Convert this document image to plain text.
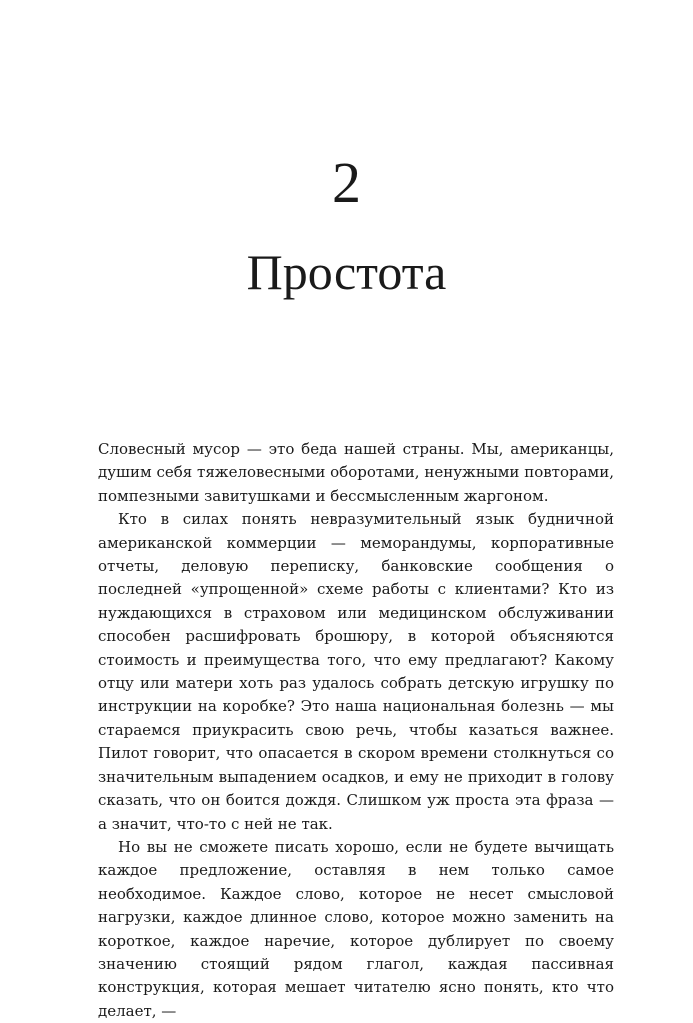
2
Простота

Словесный мусор — это беда нашей страны. Мы, американцы, душим себя тяжеловесными оборотами, ненужными повторами, помпезными завитушками и бессмысленным жаргоном.

Кто в силах понять невразумительный язык будничной американской коммерции — меморандумы, корпоративные отчеты, деловую переписку, банковские сообщения о последней «упрощенной» схеме работы с клиентами? Кто из нуждающихся в страховом или медицинском обслуживании способен расшифровать брошюру, в которой объясняются стоимость и преимущества того, что ему предлагают? Какому отцу или матери хоть раз удалось собрать детскую игрушку по инструкции на коробке? Это наша национальная болезнь — мы стараемся приукрасить свою речь, чтобы казаться важнее. Пилот говорит, что опасается в скором времени столкнуться со значительным выпадением осадков, и ему не приходит в голову сказать, что он боится дождя. Слишком уж проста эта фраза — а значит, что-то с ней не так.

Но вы не сможете писать хорошо, если не будете вычищать каждое предложение, оставляя в нем только самое необходимое. Каждое слово, которое не несет смысловой нагрузки, каждое длинное слово, которое можно заменить на короткое, каждое наречие, которое дублирует по своему значению стоящий рядом глагол, каждая пассивная конструкция, которая мешает читателю ясно понять, кто что делает, —
